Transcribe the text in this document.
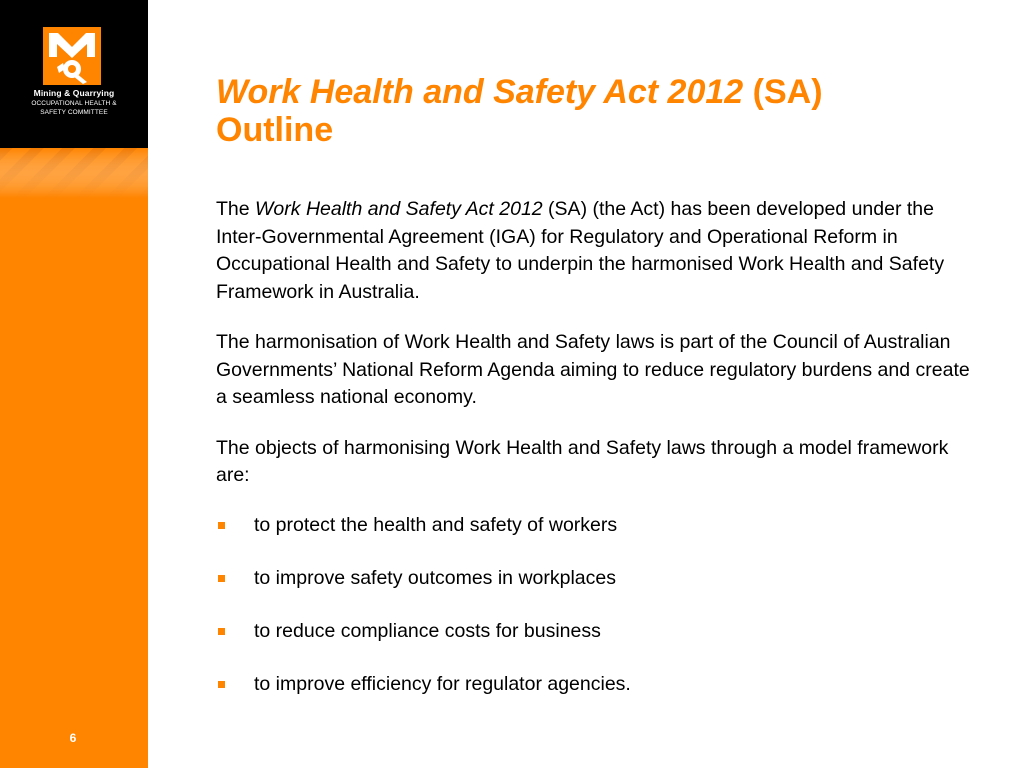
Mining & Quarrying
OCCUPATIONAL HEALTH &
SAFETY COMMITTEE
6
Work Health and Safety Act 2012 (SA)
Outline

The Work Health and Safety Act 2012 (SA) (the Act) has been developed under the Inter-Governmental Agreement (IGA) for Regulatory and Operational Reform in Occupational Health and Safety to underpin the harmonised Work Health and Safety Framework in Australia.

The harmonisation of Work Health and Safety laws is part of the Council of Australian Governments’ National Reform Agenda aiming to reduce regulatory burdens and create a seamless national economy.

The objects of harmonising Work Health and Safety laws through a model framework are:

to protect the health and safety of workers
to improve safety outcomes in workplaces
to reduce compliance costs for business
to improve efficiency for regulator agencies.
